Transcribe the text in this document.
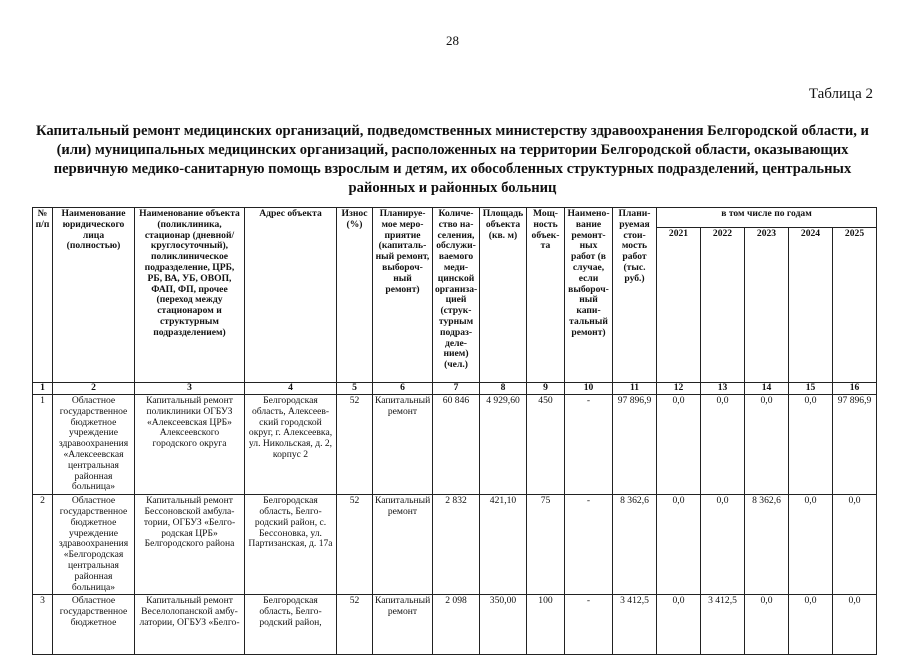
28
Таблица 2
Капитальный ремонт медицинских организаций, подведомственных министерству здравоохранения Белгородской области, и (или) муниципальных медицинских организаций, расположенных на территории Белгородской области, оказывающих первичную медико-санитарную помощь взрослым и детям, их обособленных структурных подразделений, центральных районных и районных больниц
№ п/п	Наименование юридического лица (полностью)	Наименование объекта (поликлиника, стационар (дневной/ круглосуточный), поликлиническое подразделение, ЦРБ, РБ, ВА, УБ, ОВОП, ФАП, ФП, прочее (переход между стационаром и структурным подразделением)	Адрес объекта	Износ (%)	Планируе-мое меро-приятие (капиталь-ный ремонт, выбороч-ный ремонт)	Количе-ство на-селения, обслужи-ваемого меди-цинской организа-цией (струк-турным подраз-деле-нием) (чел.)	Площадь объекта (кв. м)	Мощ-ность объек-та	Наимено-вание ремонт-ных работ (в случае, если выбороч-ный капи-тальный ремонт)	Плани-руемая стои-мость работ (тыс. руб.)	в том числе по годам				
											2021	2022	2023	2024	2025
1	2	3	4	5	6	7	8	9	10	11	12	13	14	15	16
1	Областное государственное бюджетное учреждение здравоохранения «Алексеевская центральная районная больница»	Капитальный ремонт поликлиники ОГБУЗ «Алексеевская ЦРБ» Алексеевского городского округа	Белгородская область, Алексеев-ский городской округ, г. Алексеевка, ул. Никольская, д. 2, корпус 2	52	Капитальный ремонт	60 846	4 929,60	450	-	97 896,9	0,0	0,0	0,0	0,0	97 896,9
2	Областное государственное бюджетное учреждение здравоохранения «Белгородская центральная районная больница»	Капитальный ремонт Бессоновской амбула-тории, ОГБУЗ «Белго-родская ЦРБ» Белгородского района	Белгородская область, Белго-родский район, с. Бессоновка, ул. Партизанская, д. 17а	52	Капитальный ремонт	2 832	421,10	75	-	8 362,6	0,0	0,0	8 362,6	0,0	0,0
3	Областное государственное бюджетное	Капитальный ремонт Веселолопанской амбу-латории, ОГБУЗ «Белго-	Белгородская область, Белго-родский район,	52	Капитальный ремонт	2 098	350,00	100	-	3 412,5	0,0	3 412,5	0,0	0,0	0,0
